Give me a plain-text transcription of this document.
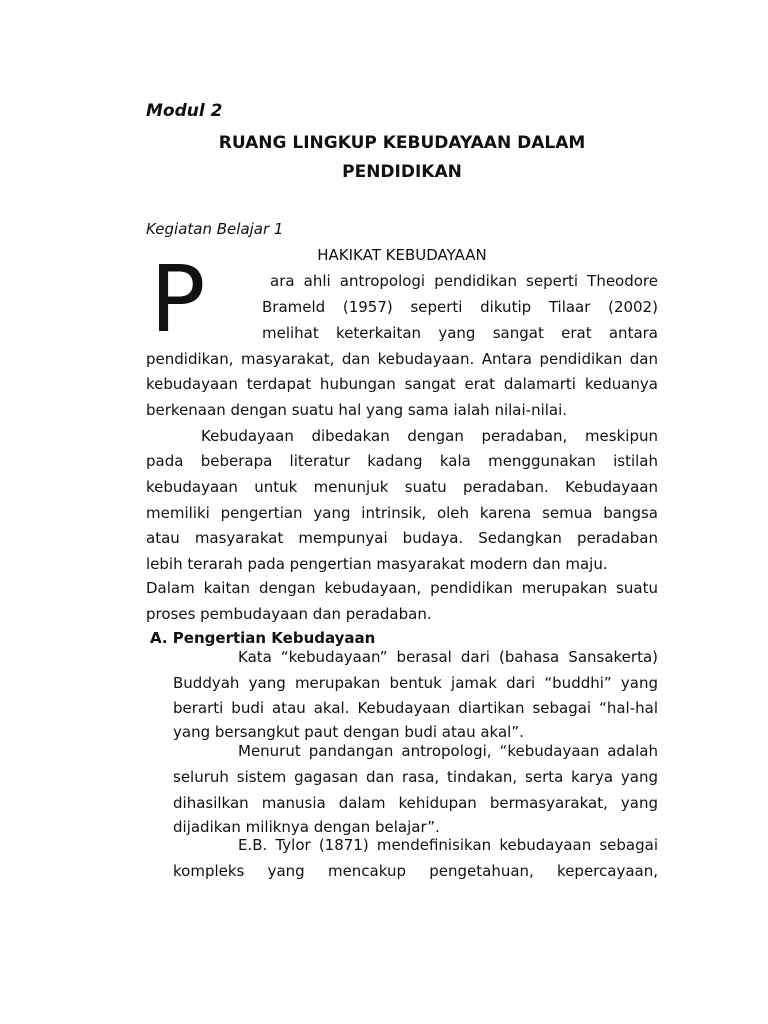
Modul 2
RUANG LINGKUP KEBUDAYAAN DALAM
PENDIDIKAN
Kegiatan Belajar 1
HAKIKAT KEBUDAYAAN
P	ara ahli antropologi pendidikan seperti Theodore
Brameld (1957) seperti dikutip Tilaar (2002)
melihat keterkaitan yang sangat erat antara
pendidikan, masyarakat, dan kebudayaan. Antara pendidikan dan
kebudayaan terdapat hubungan sangat erat dalamarti keduanya
berkenaan dengan suatu hal yang sama ialah nilai-nilai.
Kebudayaan dibedakan dengan peradaban, meskipun
pada beberapa literatur kadang kala menggunakan istilah
kebudayaan untuk menunjuk suatu peradaban. Kebudayaan
memiliki pengertian yang intrinsik, oleh karena semua bangsa
atau masyarakat mempunyai budaya. Sedangkan peradaban
lebih terarah pada pengertian masyarakat modern dan maju.
Dalam kaitan dengan kebudayaan, pendidikan merupakan suatu
proses pembudayaan dan peradaban.
A. Pengertian Kebudayaan
Kata “kebudayaan” berasal dari (bahasa Sansakerta)
Buddyah yang merupakan bentuk jamak dari “buddhi” yang
berarti budi atau akal. Kebudayaan diartikan sebagai “hal-hal
yang bersangkut paut dengan budi atau akal”.
Menurut pandangan antropologi, “kebudayaan adalah
seluruh sistem gagasan dan rasa, tindakan, serta karya yang
dihasilkan manusia dalam kehidupan bermasyarakat, yang
dijadikan miliknya dengan belajar”.
E.B. Tylor (1871) mendefinisikan kebudayaan sebagai
kompleks yang mencakup pengetahuan, kepercayaan,
